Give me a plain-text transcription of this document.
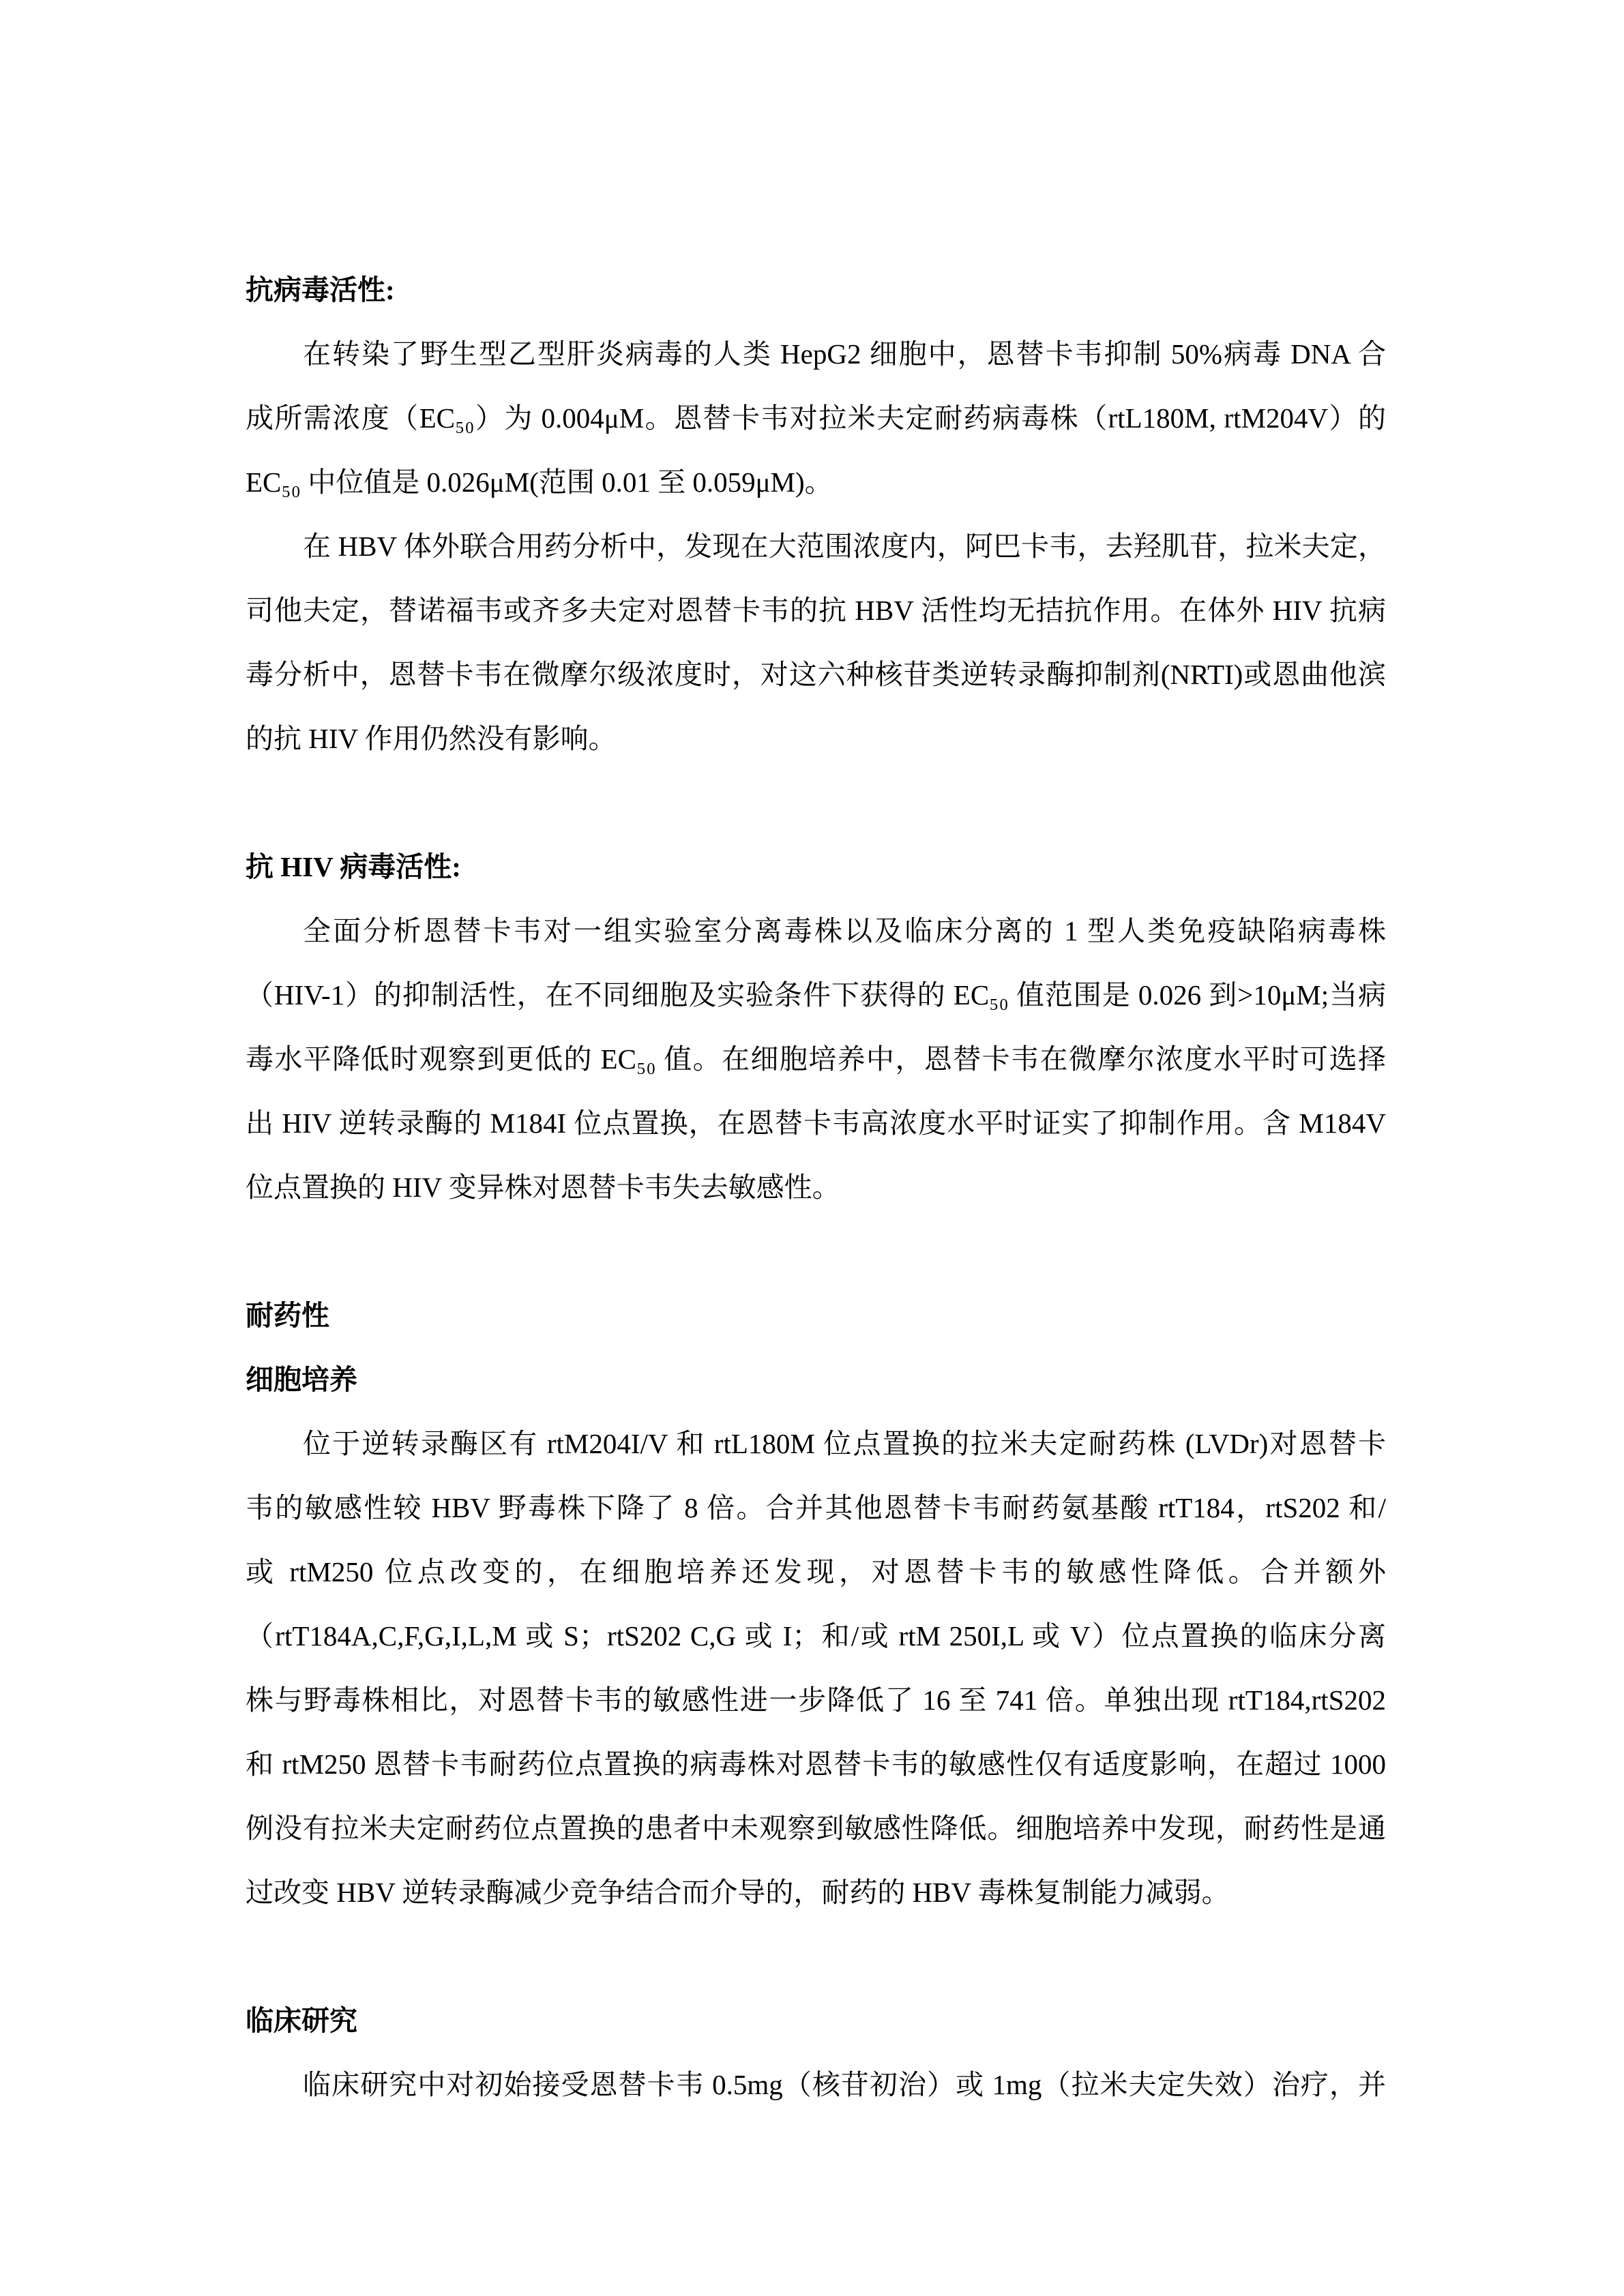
抗病毒活性:
在转染了野生型乙型肝炎病毒的人类 HepG2 细胞中，恩替卡韦抑制 50%病毒 DNA 合
成所需浓度（EC₅₀）为 0.004μM。恩替卡韦对拉米夫定耐药病毒株（rtL180M, rtM204V）的
EC₅₀ 中位值是 0.026μM(范围 0.01 至 0.059μM)。
在 HBV 体外联合用药分析中，发现在大范围浓度内，阿巴卡韦，去羟肌苷，拉米夫定，
司他夫定，替诺福韦或齐多夫定对恩替卡韦的抗 HBV 活性均无拮抗作用。在体外 HIV 抗病
毒分析中，恩替卡韦在微摩尔级浓度时，对这六种核苷类逆转录酶抑制剂(NRTI)或恩曲他滨
的抗 HIV 作用仍然没有影响。
抗 HIV 病毒活性:
全面分析恩替卡韦对一组实验室分离毒株以及临床分离的 1 型人类免疫缺陷病毒株
（HIV-1）的抑制活性，在不同细胞及实验条件下获得的 EC₅₀ 值范围是 0.026 到>10μM;当病
毒水平降低时观察到更低的 EC₅₀ 值。在细胞培养中，恩替卡韦在微摩尔浓度水平时可选择
出 HIV 逆转录酶的 M184I 位点置换，在恩替卡韦高浓度水平时证实了抑制作用。含 M184V
位点置换的 HIV 变异株对恩替卡韦失去敏感性。
耐药性
细胞培养
位于逆转录酶区有 rtM204I/V 和 rtL180M 位点置换的拉米夫定耐药株 (LVDr)对恩替卡
韦的敏感性较 HBV 野毒株下降了 8 倍。合并其他恩替卡韦耐药氨基酸 rtT184，rtS202 和/
或 rtM250 位点改变的，在细胞培养还发现，对恩替卡韦的敏感性降低。合并额外
（rtT184A,C,F,G,I,L,M 或 S；rtS202 C,G 或 I；和/或 rtM 250I,L 或 V）位点置换的临床分离
株与野毒株相比，对恩替卡韦的敏感性进一步降低了 16 至 741 倍。单独出现 rtT184,rtS202
和 rtM250 恩替卡韦耐药位点置换的病毒株对恩替卡韦的敏感性仅有适度影响，在超过 1000
例没有拉米夫定耐药位点置换的患者中未观察到敏感性降低。细胞培养中发现，耐药性是通
过改变 HBV 逆转录酶减少竞争结合而介导的，耐药的 HBV 毒株复制能力减弱。
临床研究
临床研究中对初始接受恩替卡韦 0.5mg（核苷初治）或 1mg（拉米夫定失效）治疗，并
